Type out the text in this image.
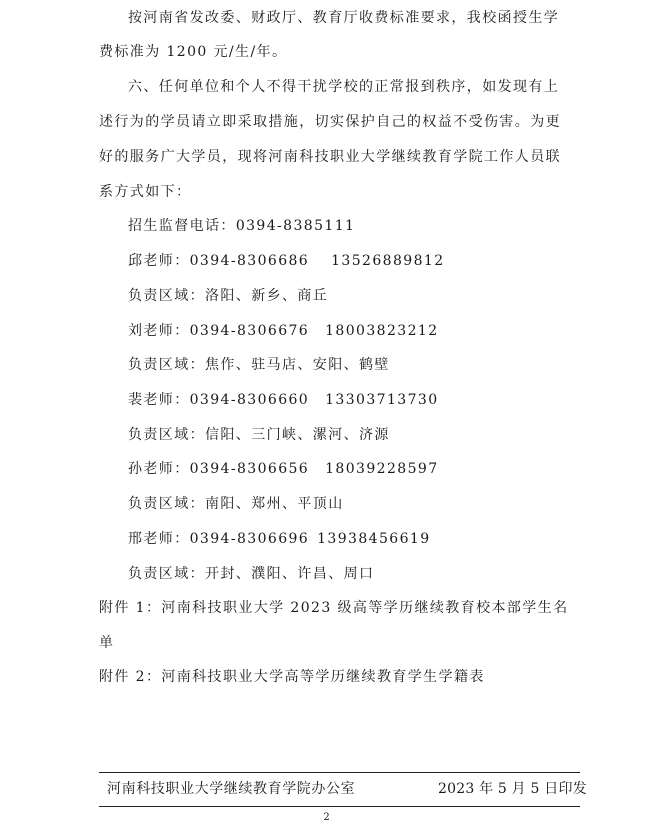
按河南省发改委、财政厅、教育厅收费标准要求，我校函授生学
费标准为 1200 元/生/年。
六、任何单位和个人不得干扰学校的正常报到秩序，如发现有上
述行为的学员请立即采取措施，切实保护自己的权益不受伤害。为更
好的服务广大学员，现将河南科技职业大学继续教育学院工作人员联
系方式如下：
招生监督电话：0394-8385111
邱老师：0394-8306686 13526889812
负责区域：洛阳、新乡、商丘
刘老师：0394-8306676 18003823212
负责区域：焦作、驻马店、安阳、鹤壁
裴老师：0394-8306660 13303713730
负责区域：信阳、三门峡、漯河、济源
孙老师：0394-8306656 18039228597
负责区域：南阳、郑州、平顶山
邢老师：0394-8306696 13938456619
负责区域：开封、濮阳、许昌、周口
附件 1：河南科技职业大学 2023 级高等学历继续教育校本部学生名
单
附件 2：河南科技职业大学高等学历继续教育学生学籍表
河南科技职业大学继续教育学院办公室	2023 年 5 月 5 日印发
2
